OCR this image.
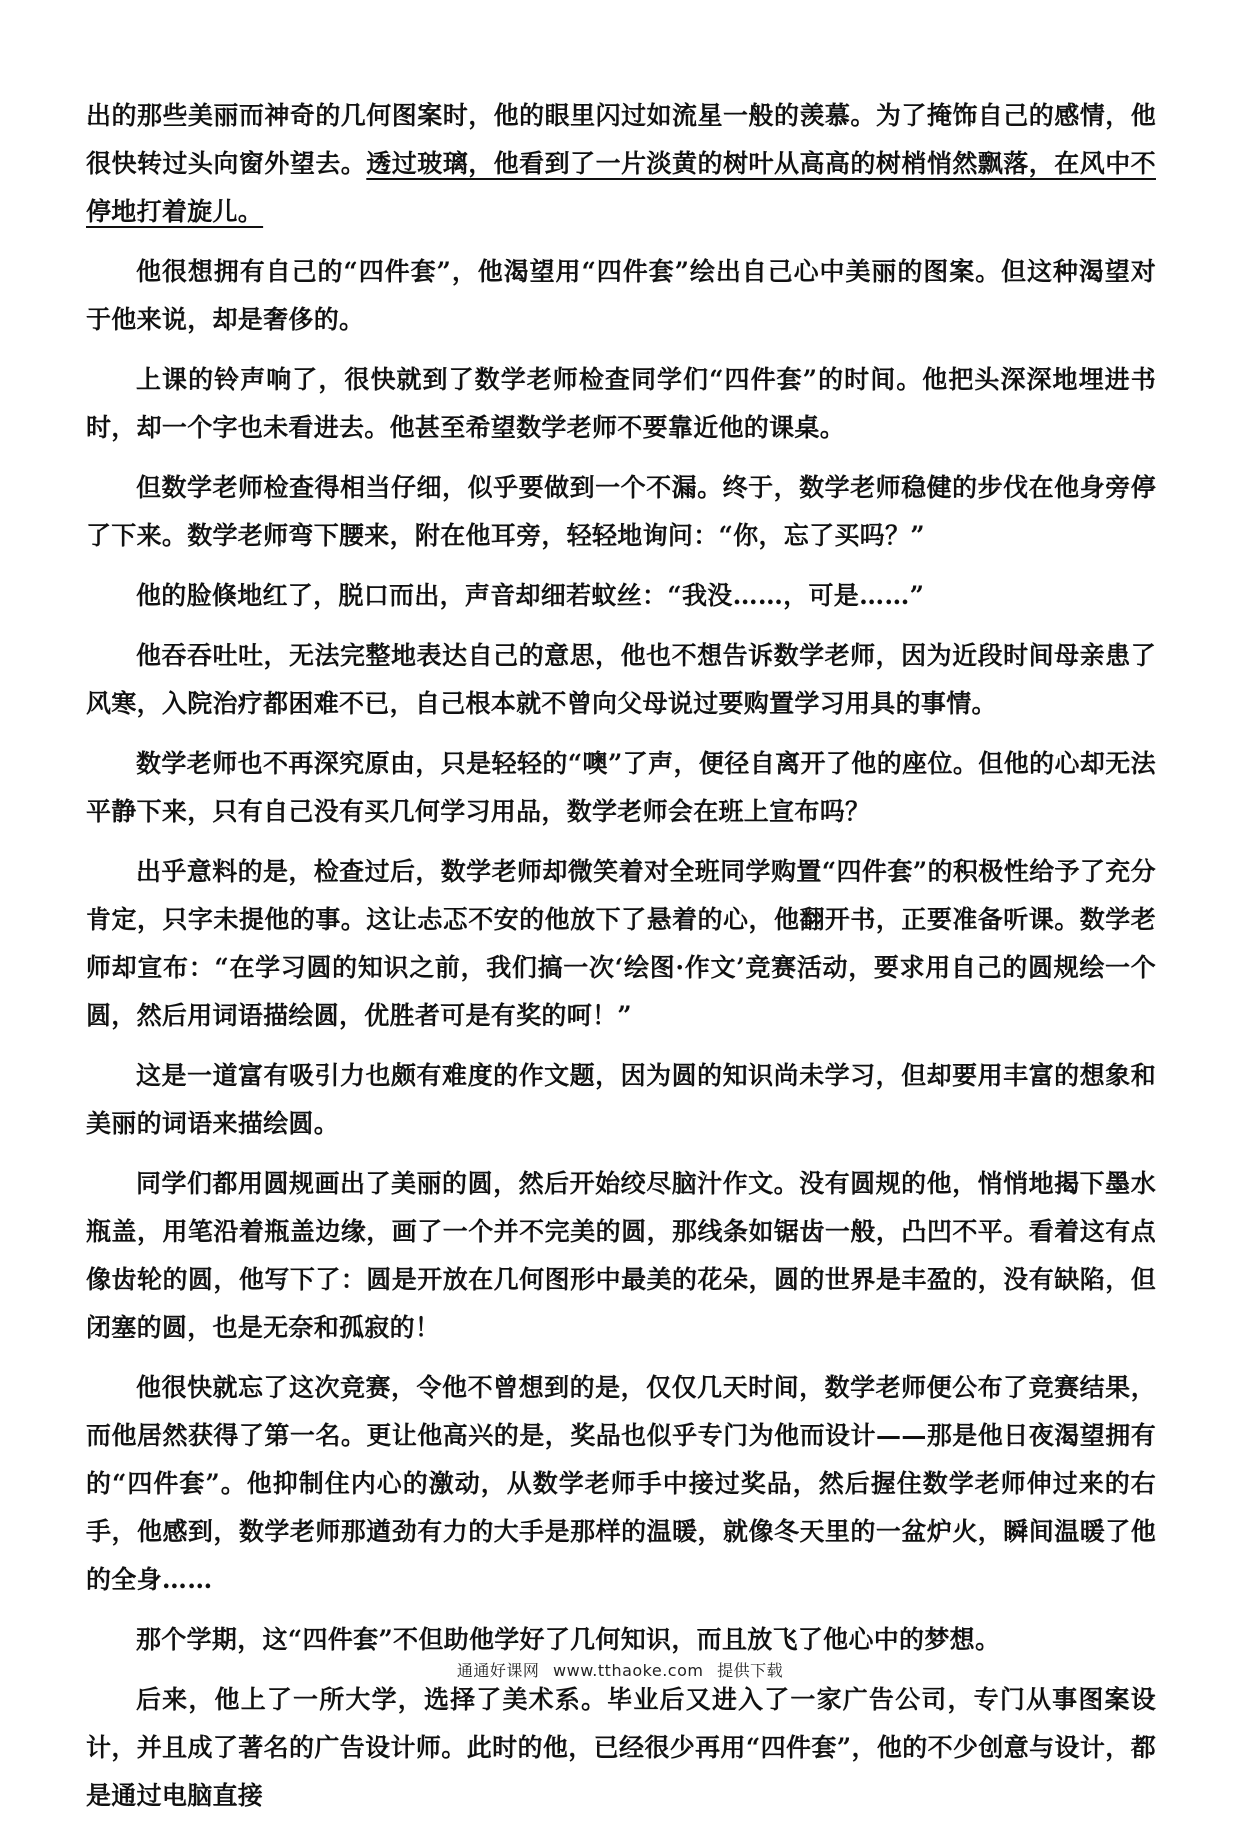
出的那些美丽而神奇的几何图案时，他的眼里闪过如流星一般的羡慕。为了掩饰自己的感情，他很快转过头向窗外望去。透过玻璃，他看到了一片淡黄的树叶从高高的树梢悄然飘落，在风中不停地打着旋儿。

他很想拥有自己的“四件套”，他渴望用“四件套”绘出自己心中美丽的图案。但这种渴望对于他来说，却是奢侈的。

上课的铃声响了，很快就到了数学老师检查同学们“四件套”的时间。他把头深深地埋进书时，却一个字也未看进去。他甚至希望数学老师不要靠近他的课桌。

但数学老师检查得相当仔细，似乎要做到一个不漏。终于，数学老师稳健的步伐在他身旁停了下来。数学老师弯下腰来，附在他耳旁，轻轻地询问：“你，忘了买吗？”

他的脸倏地红了，脱口而出，声音却细若蚊丝：“我没……，可是……”

他吞吞吐吐，无法完整地表达自己的意思，他也不想告诉数学老师，因为近段时间母亲患了风寒，入院治疗都困难不已，自己根本就不曾向父母说过要购置学习用具的事情。

数学老师也不再深究原由，只是轻轻的“噢”了声，便径自离开了他的座位。但他的心却无法平静下来，只有自己没有买几何学习用品，数学老师会在班上宣布吗？

出乎意料的是，检查过后，数学老师却微笑着对全班同学购置“四件套”的积极性给予了充分肯定，只字未提他的事。这让忐忑不安的他放下了悬着的心，他翻开书，正要准备听课。数学老师却宣布：“在学习圆的知识之前，我们搞一次‘绘图·作文’竞赛活动，要求用自己的圆规绘一个圆，然后用词语描绘圆，优胜者可是有奖的呵！”

这是一道富有吸引力也颇有难度的作文题，因为圆的知识尚未学习，但却要用丰富的想象和美丽的词语来描绘圆。

同学们都用圆规画出了美丽的圆，然后开始绞尽脑汁作文。没有圆规的他，悄悄地揭下墨水瓶盖，用笔沿着瓶盖边缘，画了一个并不完美的圆，那线条如锯齿一般，凸凹不平。看着这有点像齿轮的圆，他写下了：圆是开放在几何图形中最美的花朵，圆的世界是丰盈的，没有缺陷，但闭塞的圆，也是无奈和孤寂的！

他很快就忘了这次竞赛，令他不曾想到的是，仅仅几天时间，数学老师便公布了竞赛结果，而他居然获得了第一名。更让他高兴的是，奖品也似乎专门为他而设计——那是他日夜渴望拥有的“四件套”。他抑制住内心的激动，从数学老师手中接过奖品，然后握住数学老师伸过来的右手，他感到，数学老师那遒劲有力的大手是那样的温暖，就像冬天里的一盆炉火，瞬间温暖了他的全身……

那个学期，这“四件套”不但助他学好了几何知识，而且放飞了他心中的梦想。

后来，他上了一所大学，选择了美术系。毕业后又进入了一家广告公司，专门从事图案设计，并且成了著名的广告设计师。此时的他，已经很少再用“四件套”，他的不少创意与设计，都是通过电脑直接

通通好课网 www.tthaoke.com 提供下载
